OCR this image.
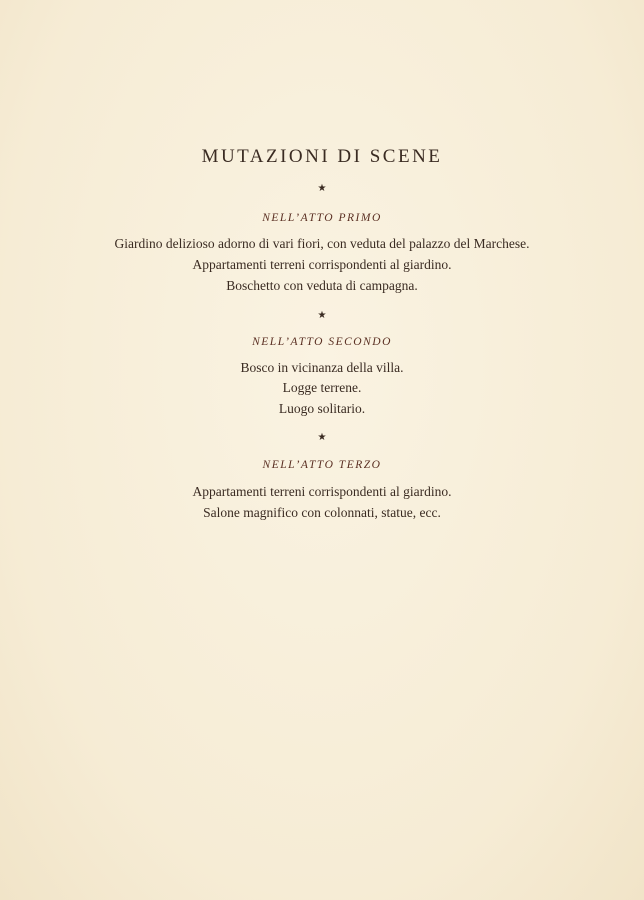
MUTAZIONI DI SCENE
★
NELL’ATTO PRIMO
Giardino delizioso adorno di vari fiori, con veduta del palazzo del Marchese.
Appartamenti terreni corrispondenti al giardino.
Boschetto con veduta di campagna.
★
NELL’ATTO SECONDO
Bosco in vicinanza della villa.
Logge terrene.
Luogo solitario.
★
NELL’ATTO TERZO
Appartamenti terreni corrispondenti al giardino.
Salone magnifico con colonnati, statue, ecc.
